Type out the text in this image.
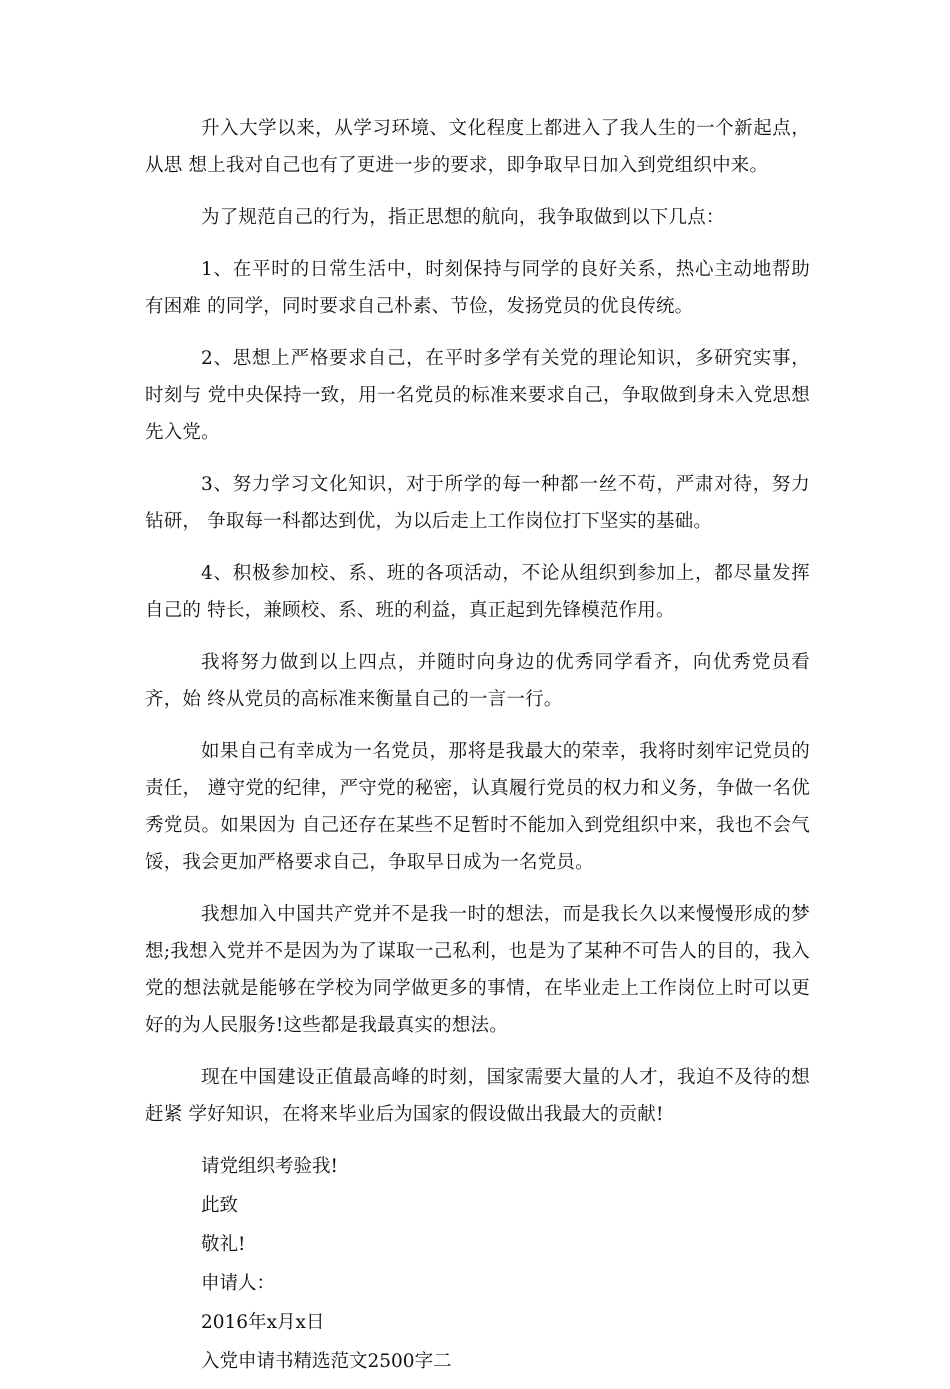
升入大学以来，从学习环境、文化程度上都进入了我人生的一个新起点，从思 想上我对自己也有了更进一步的要求，即争取早日加入到党组织中来。

为了规范自己的行为，指正思想的航向，我争取做到以下几点：

1、在平时的日常生活中，时刻保持与同学的良好关系，热心主动地帮助有困难 的同学，同时要求自己朴素、节俭，发扬党员的优良传统。

2、思想上严格要求自己，在平时多学有关党的理论知识，多研究实事，时刻与 党中央保持一致，用一名党员的标准来要求自己，争取做到身未入党思想先入党。

3、努力学习文化知识，对于所学的每一种都一丝不苟，严肃对待，努力钻研， 争取每一科都达到优，为以后走上工作岗位打下坚实的基础。

4、积极参加校、系、班的各项活动，不论从组织到参加上，都尽量发挥自己的 特长，兼顾校、系、班的利益，真正起到先锋模范作用。

我将努力做到以上四点，并随时向身边的优秀同学看齐，向优秀党员看齐，始 终从党员的高标准来衡量自己的一言一行。

如果自己有幸成为一名党员，那将是我最大的荣幸，我将时刻牢记党员的责任， 遵守党的纪律，严守党的秘密，认真履行党员的权力和义务，争做一名优秀党员。如果因为 自己还存在某些不足暂时不能加入到党组织中来，我也不会气馁，我会更加严格要求自己，争取早日成为一名党员。

我想加入中国共产党并不是我一时的想法，而是我长久以来慢慢形成的梦想;我想入党并不是因为为了谋取一己私利，也是为了某种不可告人的目的，我入党的想法就是能够在学校为同学做更多的事情，在毕业走上工作岗位上时可以更好的为人民服务!这些都是我最真实的想法。

现在中国建设正值最高峰的时刻，国家需要大量的人才，我迫不及待的想赶紧 学好知识，在将来毕业后为国家的假设做出我最大的贡献!

请党组织考验我!
此致
敬礼!
申请人：
2016年x月x日
入党申请书精选范文2500字二
